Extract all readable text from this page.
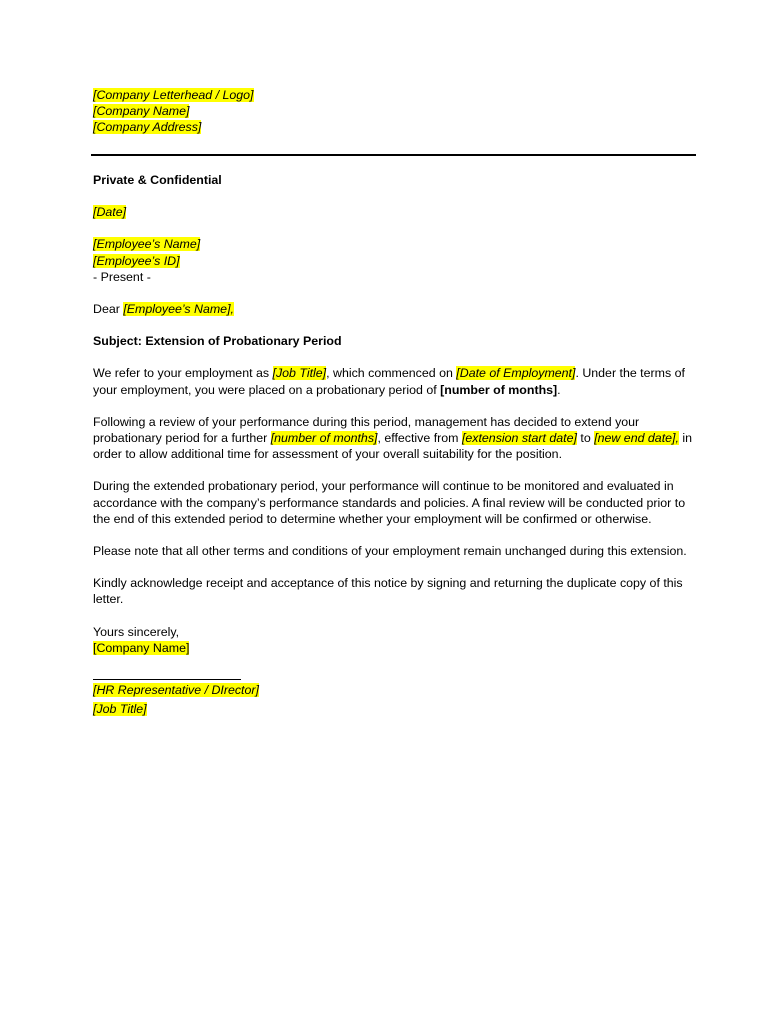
[Company Letterhead / Logo]

[Company Name]

[Company Address]

Private & Confidential

[Date]

[Employee’s Name]

[Employee’s ID]

- Present -

Dear [Employee’s Name],

Subject: Extension of Probationary Period

We refer to your employment as [Job Title], which commenced on [Date of Employment]. Under the terms of your employment, you were placed on a probationary period of [number of months].

Following a review of your performance during this period, management has decided to extend your probationary period for a further [number of months], effective from [extension start date] to [new end date], in order to allow additional time for assessment of your overall suitability for the position.

During the extended probationary period, your performance will continue to be monitored and evaluated in accordance with the company’s performance standards and policies. A final review will be conducted prior to the end of this extended period to determine whether your employment will be confirmed or otherwise.

Please note that all other terms and conditions of your employment remain unchanged during this extension.

Kindly acknowledge receipt and acceptance of this notice by signing and returning the duplicate copy of this letter.

Yours sincerely,

[Company Name]

[HR Representative / DIrector]

[Job Title]
